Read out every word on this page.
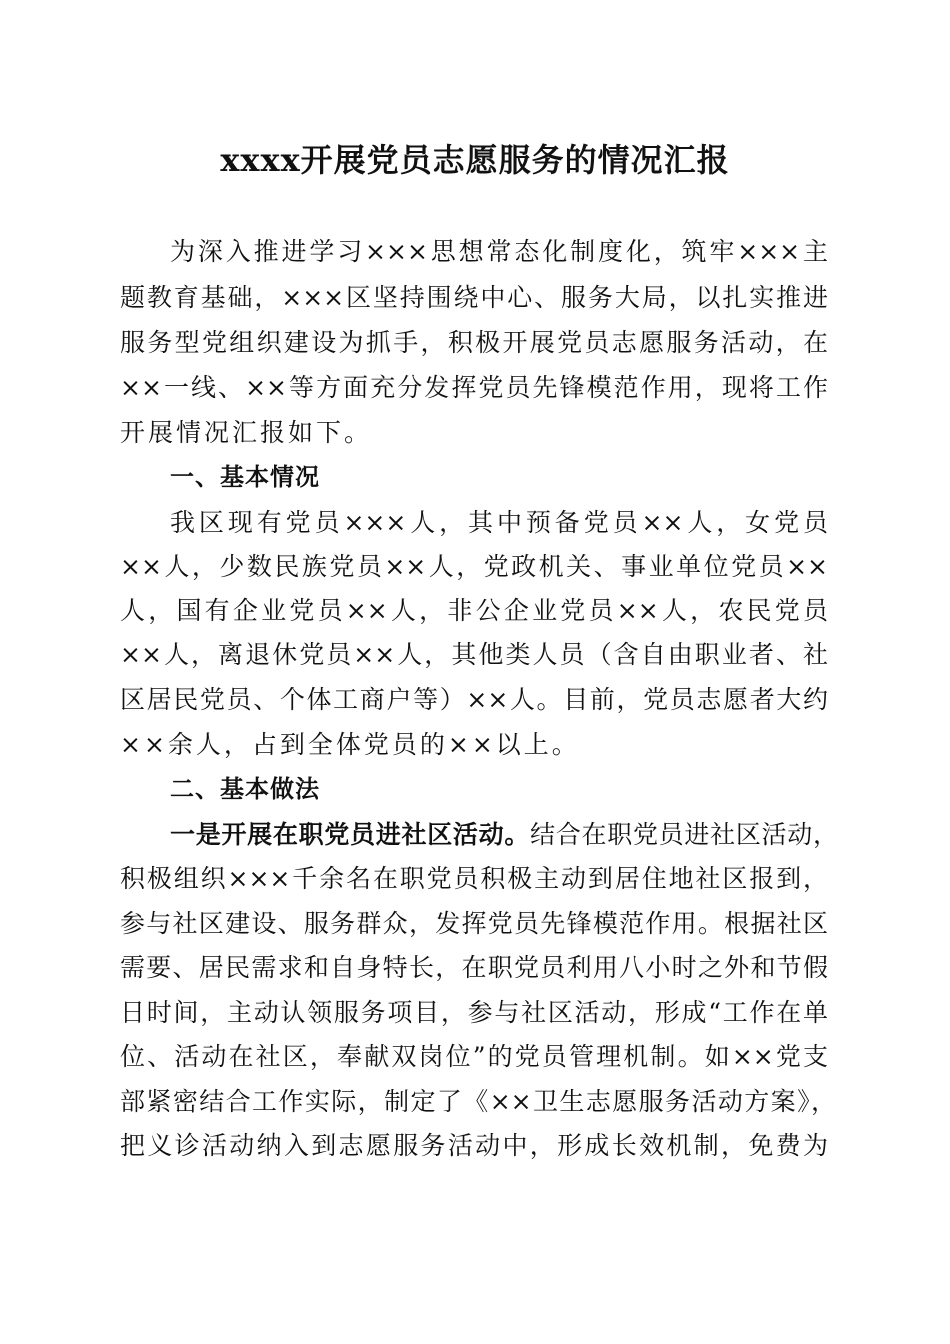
xxxx开展党员志愿服务的情况汇报
为深入推进学习×××思想常态化制度化，筑牢×××主
题教育基础，×××区坚持围绕中心、服务大局，以扎实推进
服务型党组织建设为抓手，积极开展党员志愿服务活动，在
××一线、××等方面充分发挥党员先锋模范作用，现将工作
开展情况汇报如下。
一、基本情况
我区现有党员×××人，其中预备党员××人，女党员
××人，少数民族党员××人，党政机关、事业单位党员××
人，国有企业党员××人，非公企业党员××人，农民党员
××人，离退休党员××人，其他类人员（含自由职业者、社
区居民党员、个体工商户等）××人。目前，党员志愿者大约
××余人，占到全体党员的××以上。
二、基本做法
一是开展在职党员进社区活动。结合在职党员进社区活动，
积极组织×××千余名在职党员积极主动到居住地社区报到，
参与社区建设、服务群众，发挥党员先锋模范作用。根据社区
需要、居民需求和自身特长，在职党员利用八小时之外和节假
日时间，主动认领服务项目，参与社区活动，形成“工作在单
位、活动在社区，奉献双岗位”的党员管理机制。如××党支
部紧密结合工作实际，制定了《××卫生志愿服务活动方案》，
把义诊活动纳入到志愿服务活动中，形成长效机制，免费为
